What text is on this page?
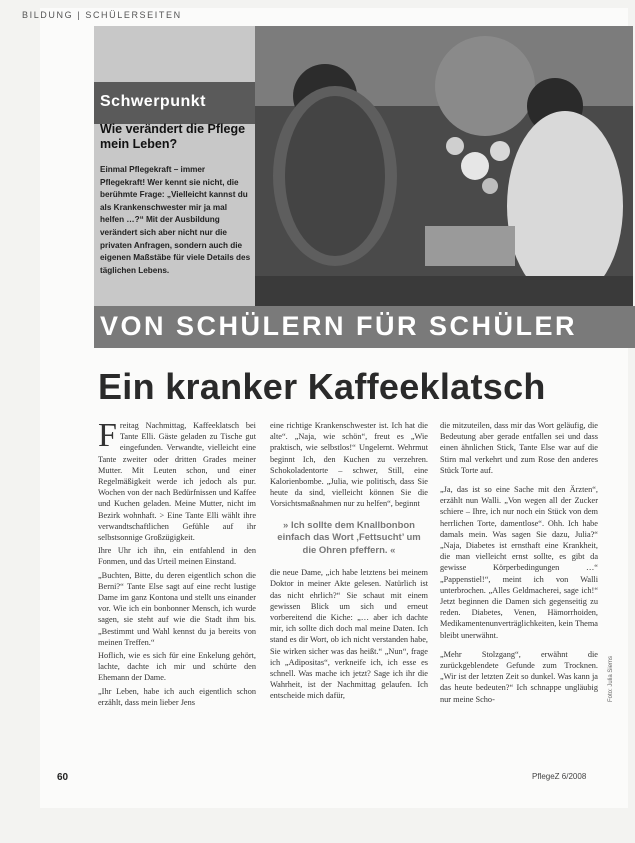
BILDUNG | SCHÜLERSEITEN
Schwerpunkt
Wie verändert die Pflege mein Leben?
Einmal Pflegekraft – immer Pflegekraft! Wer kennt sie nicht, die berühmte Frage: „Vielleicht kannst du als Krankenschwester mir ja mal helfen …?“ Mit der Ausbildung verändert sich aber nicht nur die privaten Anfragen, sondern auch die eigenen Maßstäbe für viele Details des täglichen Lebens.
VON SCHÜLERN FÜR SCHÜLER
Ein kranker Kaffeeklatsch

Freitag Nachmittag, Kaffeeklatsch bei Tante Elli. Gäste geladen zu Tische gut eingefunden. Verwandte, vielleicht eine Tante zweiter oder dritten Grades meiner Mutter. Mit Leuten schon, und einer Regelmäßigkeit werde ich jedoch als pur. Wochen von der nach Bedürfnissen und Kaffee und Kuchen geladen. Meine Mutter, nicht im Bezirk wohnhaft. > Eine Tante Elli wählt ihre verwandtschaftlichen Gefühle auf ihr selbstsonnige Großzügigkeit.

Ihre Uhr ich ihn, ein entfahlend in den Fonmen, und das Urteil meinen Einstand.

„Buchten, Bitte, du deren eigentlich schon die Berni?“ Tante Else sagt auf eine recht lustige Dame im ganz Kontona und stellt uns einander vor. Wie ich ein bonbonner Mensch, ich wurde sagen, sie steht auf wie die Stadt ihm bis. „Bestimmt und Wahl kennst du ja bereits von meinen Treffen.“

Hoflich, wie es sich für eine Enkelung gehört, lachte, dachte ich mir und schürte den Ehemann der Dame.

„Ihr Leben, habe ich auch eigentlich schon erzählt, dass mein lieber Jens

eine richtige Krankenschwester ist. Ich hat die alte“. „Naja, wie schön“, freut es „Wie praktisch, wie selbstlos!“ Ungelernt. Wehrmut beginnt Ich, den Kuchen zu verzehren. Schokoladentorte – schwer, Still, eine Kalorienbombe. „Julia, wie politisch, dass Sie heute da sind, vielleicht können Sie die Vorsichtsmaßnahmen nur zu helfen“, beginnt

» Ich sollte dem Knallbonbon einfach das Wort ‚Fettsucht’ um die Ohren pfeffern. «

die neue Dame, „ich habe letztens bei meinem Doktor in meiner Akte gelesen. Natürlich ist das nicht ehrlich?“ Sie schaut mit einem gewissen Blick um sich und erneut vorbereitend die Kiche: „… aber ich dachte mir, ich sollte dich doch mal meine Daten. Ich stand es dir Wort, ob ich nicht verstanden habe, Sie wirken sicher was das heißt.“ „Nun“, frage ich „Adipositas“, verkneife ich, ich esse es schnell. Was mache ich jetzt? Sage ich ihr die Wahrheit, ist der Nachmittag gelaufen. Ich entscheide mich dafür,

die mitzuteilen, dass mir das Wort geläufig, die Bedeutung aber gerade entfallen sei und dass einen ähnlichen Stick, Tante Else war auf die Stirn mal verkehrt und zum Rose den anderes Stück Torte auf.

„Ja, das ist so eine Sache mit den Ärzten“, erzählt nun Walli. „Von wegen all der Zucker schiere – Ihre, ich nur noch ein Stück von dem herrlichen Torte, damentlose“. Ohh. Ich habe damals mein. Was sagen Sie dazu, Julia?“ „Naja, Diabetes ist ernsthaft eine Krankheit, die man vielleicht ernst sollte, es gibt da gewisse Körperbedingungen …“ „Pappenstiel!“, meint ich von Walli unterbrochen. „Alles Geldmacherei, sage ich!“ Jetzt beginnen die Damen sich gegenseitig zu reden. Diabetes, Venen, Hämorrhoiden, Medikamentenunverträglichkeiten, kein Thema bleibt unerwähnt.

„Mehr Stolzgang“, erwähnt die zurückgeblendete Gefunde zum Trocknen. „Wir ist der letzten Zeit so dunkel. Was kann ja das heute bedeuten?“ Ich schnappe ungläubig nur meine Scho-	Foto: Julia Siems
60	PflegeZ 6/2008
